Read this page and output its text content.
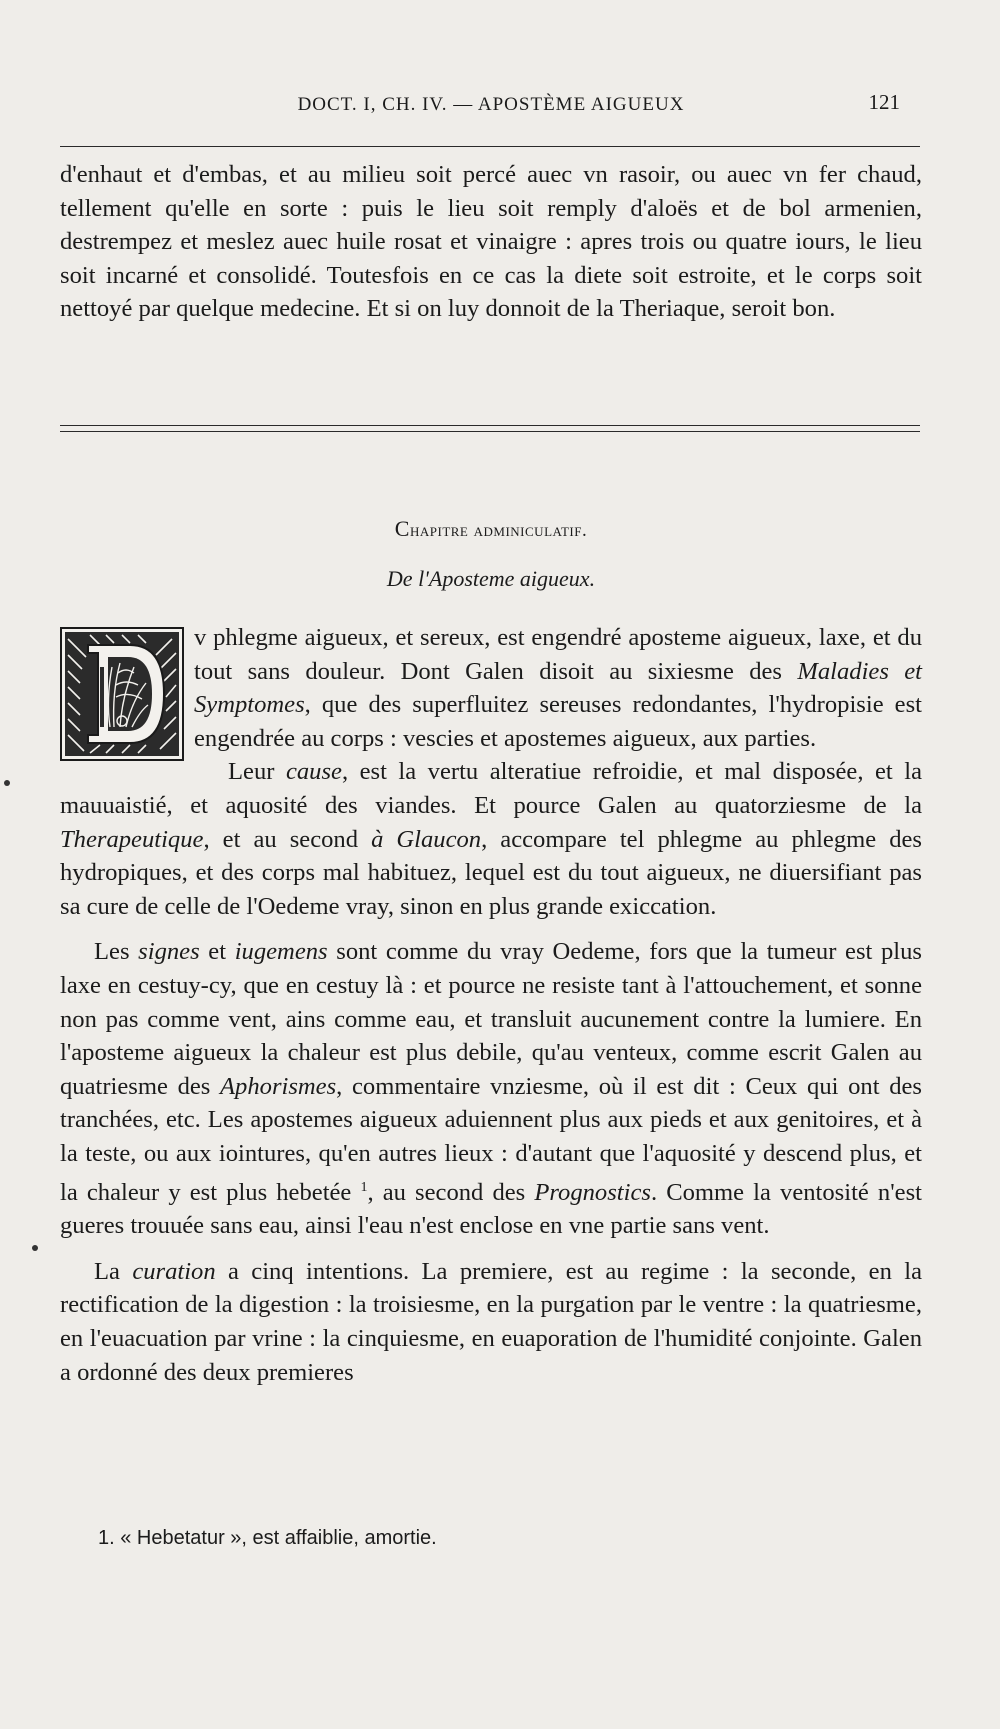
DOCT. I, CH. IV. — APOSTÈME AIGUEUX	121

d'enhaut et d'embas, et au milieu soit percé auec vn rasoir, ou auec vn fer chaud, tellement qu'elle en sorte : puis le lieu soit remply d'aloës et de bol armenien, destrempez et meslez auec huile rosat et vinaigre : apres trois ou quatre iours, le lieu soit incarné et consolidé. Toutesfois en ce cas la diete soit estroite, et le corps soit nettoyé par quelque medecine. Et si on luy donnoit de la Theriaque, seroit bon.

Chapitre adminiculatif.
De l'Aposteme aigueux.

v phlegme aigueux, et sereux, est engendré aposteme aigueux, laxe, et du tout sans douleur. Dont Galen disoit au sixiesme des Maladies et Symptomes, que des superfluitez sereuses redondantes, l'hydropisie est engendrée au corps : vescies et apostemes aigueux, aux parties.

Leur cause, est la vertu alteratiue refroidie, et mal disposée, et la mauuaistié, et aquosité des viandes. Et pource Galen au quatorziesme de la Therapeutique, et au second à Glaucon, accompare tel phlegme au phlegme des hydropiques, et des corps mal habituez, lequel est du tout aigueux, ne diuersifiant pas sa cure de celle de l'Oedeme vray, sinon en plus grande exiccation.

Les signes et iugemens sont comme du vray Oedeme, fors que la tumeur est plus laxe en cestuy-cy, que en cestuy là : et pource ne resiste tant à l'attouchement, et sonne non pas comme vent, ains comme eau, et transluit aucunement contre la lumiere. En l'aposteme aigueux la chaleur est plus debile, qu'au venteux, comme escrit Galen au quatriesme des Aphorismes, commentaire vnziesme, où il est dit : Ceux qui ont des tranchées, etc. Les apostemes aigueux aduiennent plus aux pieds et aux genitoires, et à la teste, ou aux iointures, qu'en autres lieux : d'autant que l'aquosité y descend plus, et la chaleur y est plus hebetée $^1$, au second des Prognostics. Comme la ventosité n'est gueres trouuée sans eau, ainsi l'eau n'est enclose en vne partie sans vent.

La curation a cinq intentions. La premiere, est au regime : la seconde, en la rectification de la digestion : la troisiesme, en la purgation par le ventre : la quatriesme, en l'euacuation par vrine : la cinquiesme, en euaporation de l'humidité conjointe. Galen a ordonné des deux premieres

1. « Hebetatur », est affaiblie, amortie.
